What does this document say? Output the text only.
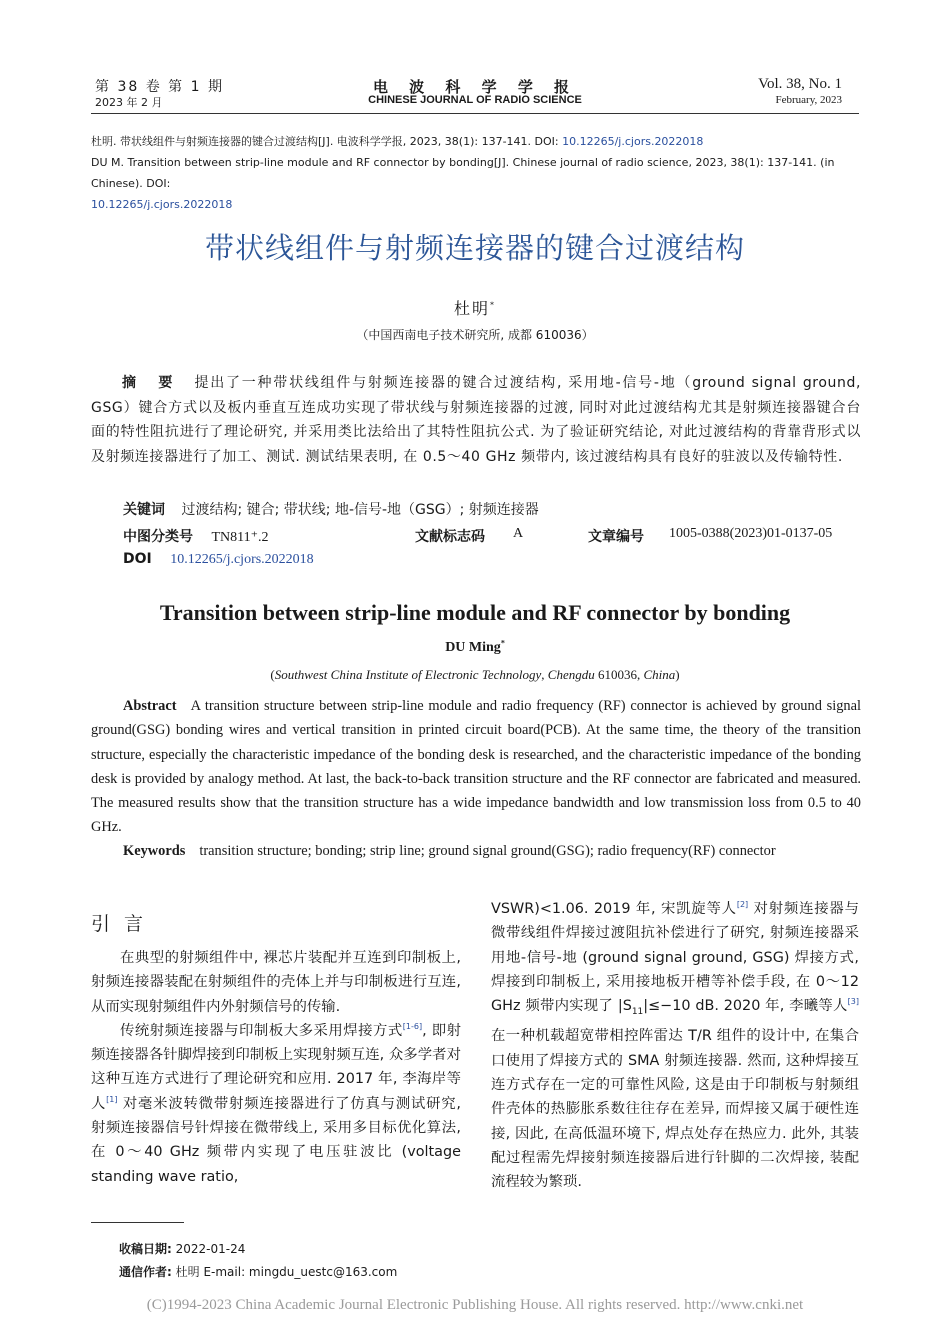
第 38 卷 第 1 期
2023 年 2 月
电 波 科 学 学 报
CHINESE JOURNAL OF RADIO SCIENCE
Vol. 38, No. 1
February, 2023
杜明. 带状线组件与射频连接器的键合过渡结构[J]. 电波科学学报, 2023, 38(1): 137-141. DOI: 10.12265/j.cjors.2022018
DU M. Transition between strip-line module and RF connector by bonding[J]. Chinese journal of radio science, 2023, 38(1): 137-141. (in Chinese). DOI:
10.12265/j.cjors.2022018
带状线组件与射频连接器的键合过渡结构
杜明*
（中国西南电子技术研究所, 成都 610036）
摘　要 提出了一种带状线组件与射频连接器的键合过渡结构, 采用地-信号-地（ground signal ground, GSG）键合方式以及板内垂直互连成功实现了带状线与射频连接器的过渡, 同时对此过渡结构尤其是射频连接器键合台面的特性阻抗进行了理论研究, 并采用类比法给出了其特性阻抗公式. 为了验证研究结论, 对此过渡结构的背靠背形式以及射频连接器进行了加工、测试. 测试结果表明, 在 0.5～40 GHz 频带内, 该过渡结构具有良好的驻波以及传输特性.
关键词 过渡结构; 键合; 带状线; 地-信号-地（GSG）; 射频连接器
中图分类号 TN811⁺.2	文献标志码 A	文章编号 1005-0388(2023)01-0137-05
DOI 10.12265/j.cjors.2022018
Transition between strip-line module and RF connector by bonding
DU Ming*
(Southwest China Institute of Electronic Technology, Chengdu 610036, China)
Abstract A transition structure between strip-line module and radio frequency (RF) connector is achieved by ground signal ground(GSG) bonding wires and vertical transition in printed circuit board(PCB). At the same time, the theory of the transition structure, especially the characteristic impedance of the bonding desk is researched, and the characteristic impedance of the bonding desk is provided by analogy method. At last, the back-to-back transition structure and the RF connector are fabricated and measured. The measured results show that the transition structure has a wide impedance bandwidth and low transmission loss from 0.5 to 40 GHz.
Keywords transition structure; bonding; strip line; ground signal ground(GSG); radio frequency(RF) connector
引言

在典型的射频组件中, 裸芯片装配并互连到印制板上, 射频连接器装配在射频组件的壳体上并与印制板进行互连, 从而实现射频组件内外射频信号的传输.

传统射频连接器与印制板大多采用焊接方式[1-6], 即射频连接器各针脚焊接到印制板上实现射频互连, 众多学者对这种互连方式进行了理论研究和应用. 2017 年, 李海岸等人[1] 对毫米波转微带射频连接器进行了仿真与测试研究, 射频连接器信号针焊接在微带线上, 采用多目标优化算法, 在 0～40 GHz 频带内实现了电压驻波比 (voltage standing wave ratio,

VSWR)<1.06. 2019 年, 宋凯旋等人[2] 对射频连接器与微带线组件焊接过渡阻抗补偿进行了研究, 射频连接器采用地-信号-地 (ground signal ground, GSG) 焊接方式, 焊接到印制板上, 采用接地板开槽等补偿手段, 在 0～12 GHz 频带内实现了 $|S_{11}|\le-10$ dB. 2020 年, 李曦等人[3] 在一种机载超宽带相控阵雷达 T/R 组件的设计中, 在集合口使用了焊接方式的 SMA 射频连接器. 然而, 这种焊接互连方式存在一定的可靠性风险, 这是由于印制板与射频组件壳体的热膨胀系数往往存在差异, 而焊接又属于硬性连接, 因此, 在高低温环境下, 焊点处存在热应力. 此外, 其装配过程需先焊接射频连接器后进行针脚的二次焊接, 装配流程较为繁琐.

收稿日期: 2022-01-24
通信作者: 杜明 E-mail: mingdu_uestc@163.com
(C)1994-2023 China Academic Journal Electronic Publishing House. All rights reserved. http://www.cnki.net
